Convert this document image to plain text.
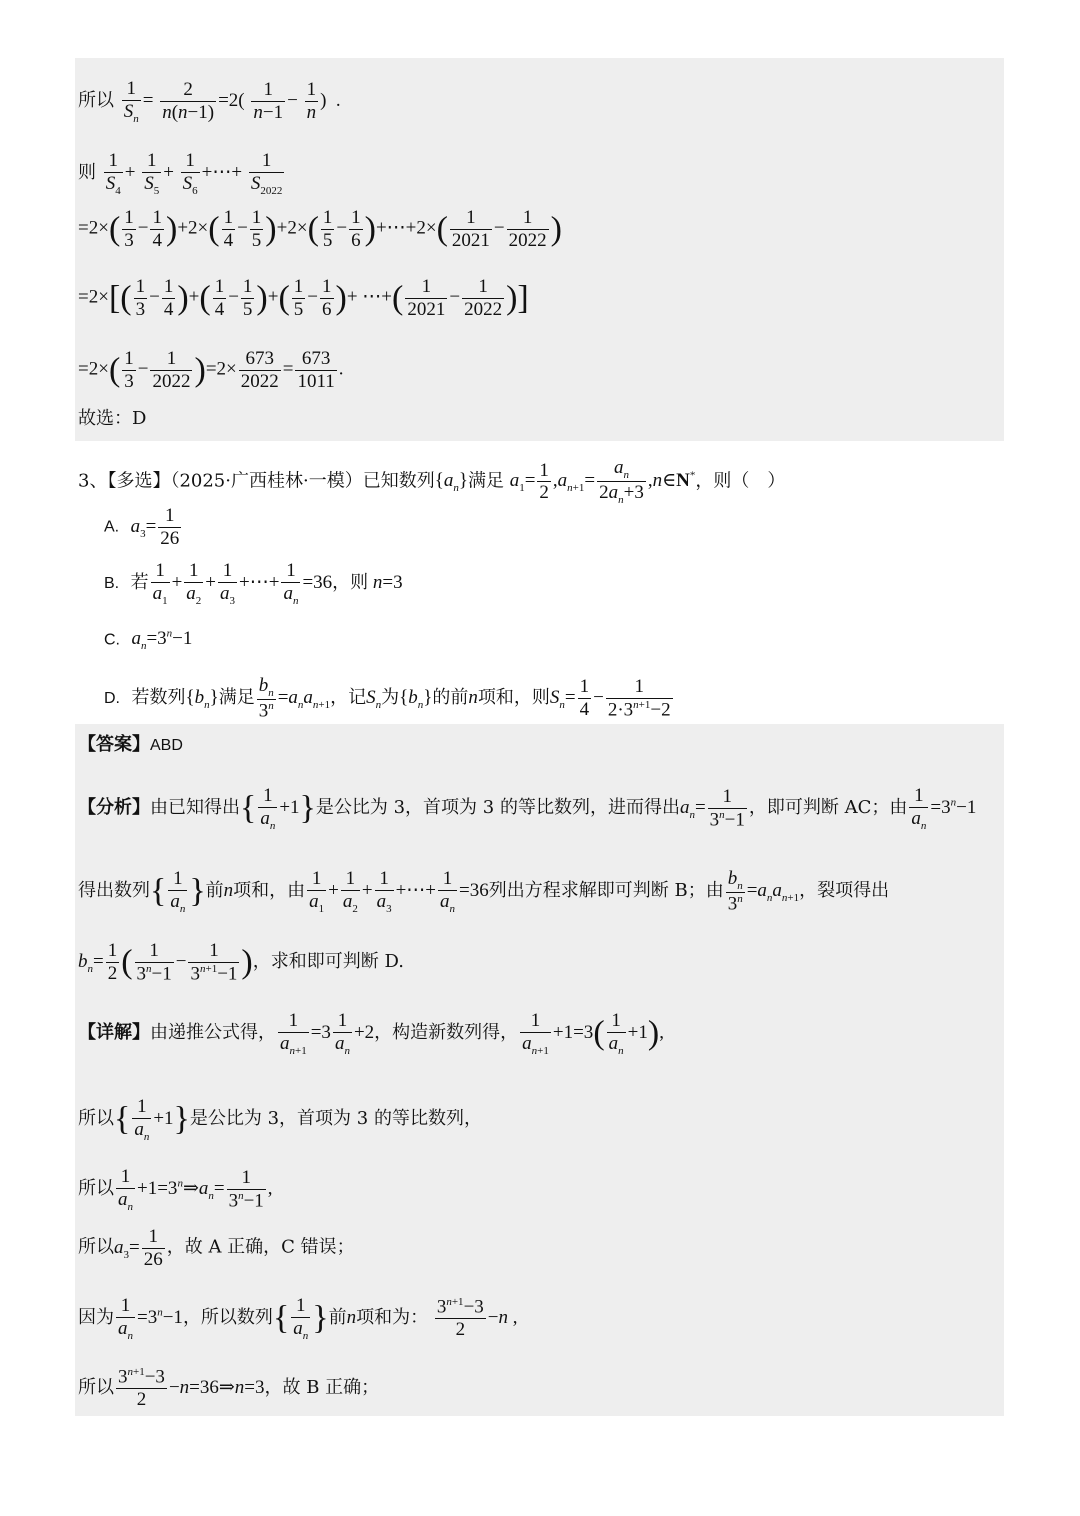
所以 $\frac{1}{S_n} = \frac{2}{n(n-1)} =2( \frac{1}{n-1} - \frac{1}{n}$ )  .
则 $\frac{1}{S_4} + \frac{1}{S_5} + \frac{1}{S_6}$ +⋯+ $\frac{1}{S_{2022}}$
$=2\times( \frac{1}{3} - \frac{1}{4} )+2\times( \frac{1}{4} - \frac{1}{5} )+2\times( \frac{1}{5} - \frac{1}{6}$ )+⋯+2×( $\frac{1}{2021} - \frac{1}{2022}$ )
$=2\times[( \frac{1}{3} - \frac{1}{4}$ )+( $\frac{1}{4} - \frac{1}{5}$ )+( $\frac{1}{5} - \frac{1}{6}$ )+ ⋯+( $\frac{1}{2021} - \frac{1}{2022}$ )]
$=2\times( \frac{1}{3} - \frac{1}{2022} )=2\times \frac{673}{2022} = \frac{673}{1011}$ .
故选：D
3、【多选】（2025·广西桂林·一模）已知数列$\{a_n\}$满足 $a_1= \frac{1}{2} ,a_{n+1}= \frac{a_n}{2a_n+3}$ ,n∈N*，则（　）
A. $a_3= \frac{1}{26}$
B. 若 $\frac{1}{a_1} + \frac{1}{a_2} + \frac{1}{a_3}$ +⋯+ $\frac{1}{a_n} =36$，则 n=3
C. $a_n=3^n-1$
D. 若数列$\{b_n\}$满足 $\frac{b_n}{3^n} =a_na_{n+1}$，记$S_n$为$\{b_n\}$的前n项和，则$S_n= \frac{1}{4} - \frac{1}{2\cdot 3^{n+1}-2}$
【答案】ABD
【分析】由已知得出{ $\frac{1}{a_n} +1$}是公比为 3，首项为 3 的等比数列，进而得出$a_n= \frac{1}{3^n-1}$ ，即可判断 AC；由 $\frac{1}{a_n} =3^n-1$
得出数列{ $\frac{1}{a_n}$ }前n项和，由 $\frac{1}{a_1} + \frac{1}{a_2} + \frac{1}{a_3}$ +⋯+ $\frac{1}{a_n} =36$列出方程求解即可判断 B；由 $\frac{b_n}{3^n} =a_na_{n+1}$，裂项得出
$b_n= \frac{1}{2}$ ( $\frac{1}{3^n-1} - \frac{1}{3^{n+1}-1}$ )，求和即可判断 D.
【详解】由递推公式得， $\frac{1}{a_{n+1}} =3 \frac{1}{a_n} +2$，构造新数列得， $\frac{1}{a_{n+1}} +1=3( \frac{1}{a_n} +1)$,
所以{ $\frac{1}{a_n} +1$}是公比为 3，首项为 3 的等比数列，
所以 $\frac{1}{a_n}$ $+1=3^n\Rightarrow a_n= \frac{1}{3^n-1}$ ,
所以$a_3= \frac{1}{26}$ ，故 A 正确，C 错误；
因为 $\frac{1}{a_n} =3^n-1$，所以数列{ $\frac{1}{a_n}$ }前n项和为： $\frac{3^{n+1}-3}{2} -n$ ,
所以 $\frac{3^{n+1}-3}{2}$ −n=36⇒n=3，故 B 正确；
